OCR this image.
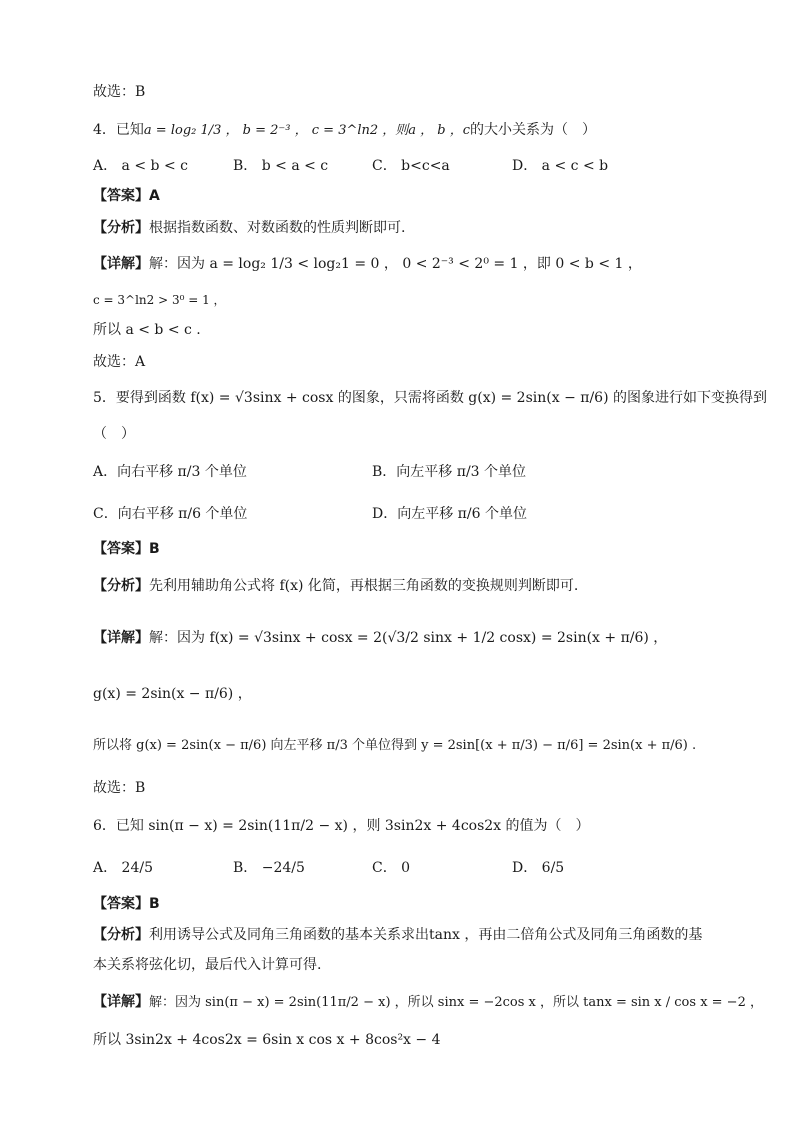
故选：B
4．已知a = log₂ 1/3 ， b = 2⁻³ ， c = 3^ln2 ，则a ， b ，c的大小关系为（　）
A． a < b < c	B． b < a < c	C． b<c<a	D． a < c < b
【答案】A
【分析】根据指数函数、对数函数的性质判断即可.
【详解】解：因为 a = log₂ 1/3 < log₂1 = 0 ， 0 < 2⁻³ < 2⁰ = 1 ，即 0 < b < 1 ，
c = 3^ln2 > 3⁰ = 1 ，
所以 a < b < c .
故选：A
5．要得到函数 f(x) = √3sinx + cosx 的图象，只需将函数 g(x) = 2sin(x − π/6) 的图象进行如下变换得到
（　）
A．向右平移 π/3 个单位	B．向左平移 π/3 个单位
C．向右平移 π/6 个单位	D．向左平移 π/6 个单位
【答案】B
【分析】先利用辅助角公式将 f(x) 化简，再根据三角函数的变换规则判断即可.
【详解】解：因为 f(x) = √3sinx + cosx = 2(√3/2 sinx + 1/2 cosx) = 2sin(x + π/6) ，
g(x) = 2sin(x − π/6) ，
所以将 g(x) = 2sin(x − π/6) 向左平移 π/3 个单位得到 y = 2sin[(x + π/3) − π/6] = 2sin(x + π/6) .
故选：B
6．已知 sin(π − x) = 2sin(11π/2 − x) ，则 3sin2x + 4cos2x 的值为（　）
A． 24/5	B． −24/5	C． 0	D． 6/5
【答案】B
【分析】利用诱导公式及同角三角函数的基本关系求出tanx ，再由二倍角公式及同角三角函数的基
本关系将弦化切，最后代入计算可得.
【详解】解：因为 sin(π − x) = 2sin(11π/2 − x) ，所以 sinx = −2cos x ，所以 tanx = sin x / cos x = −2 ，
所以 3sin2x + 4cos2x = 6sin x cos x + 8cos²x − 4
